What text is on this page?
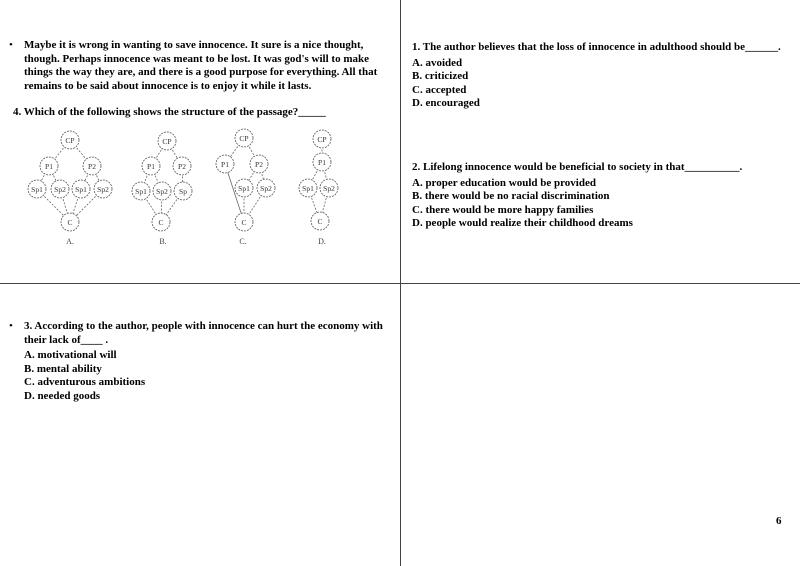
• Maybe it is wrong in wanting to save innocence. It sure is a nice thought, though. Perhaps innocence was meant to be lost. It was god's will to make things the way they are, and there is a good purpose for everything. All that remains to be said about innocence is to enjoy it while it lasts.
4. Which of the following shows the structure of the passage?_____
CP
P1	P2
Sp1 Sp2 Sp1 Sp2
C
A.
CP
P1	P2
Sp1 Sp2 Sp
C
B.
CP
P1	P2
Sp1 Sp2
C
C.
CP
P1
Sp1 Sp2
C
D.
1. The author believes that the loss of innocence in adulthood should be______.
A. avoided
B. criticized
C. accepted
D. encouraged
2. Lifelong innocence would be beneficial to society in that__________.
A. proper education would be provided
B. there would be no racial discrimination
C. there would be more happy families
D. people would realize their childhood dreams
• 3. According to the author, people with innocence can hurt the economy with their lack of____ .
A. motivational will
B. mental ability
C. adventurous ambitions
D. needed goods
6
